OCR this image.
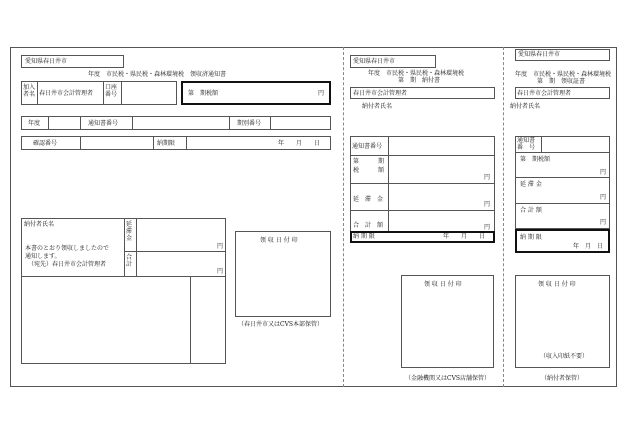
愛知県春日井市
年度　市民税・県民税・森林環境税　領収済通知書
加入者名 春日井市会計管理者
口座番号	第　期税額	円
年度	通知書番号	期別番号
確認番号	納期限	年　　月　　日
納付者氏名	延滞金
円
合計
円
本書のとおり領収しましたので
通知します。
（宛先）春日井市会計管理者
領 収 日 付 印
（春日井市又はCVS本部保管）
愛知県春日井市
年度　市民税・県民税・森林環境税
第　期　納付書
春日井市会計管理者
納付者氏名
通知書番号
第	期
税	額
円
延　滞　金
円
合　計　額	円
納 期 限	年　　月　　日
領 収 日 付 印
（金融機関又はCVS店舗保管）
愛知県春日井市
年度　市民税・県民税・森林環境税
第　期　領収証書
春日井市会計管理者
納付者氏名
通知書
番　号
第　期税額
円
延 滞 金
円
合 計 額
円
納 期 限
年　月　日
領 収 日 付 印
（収入印紙不要）
（納付者保管）
